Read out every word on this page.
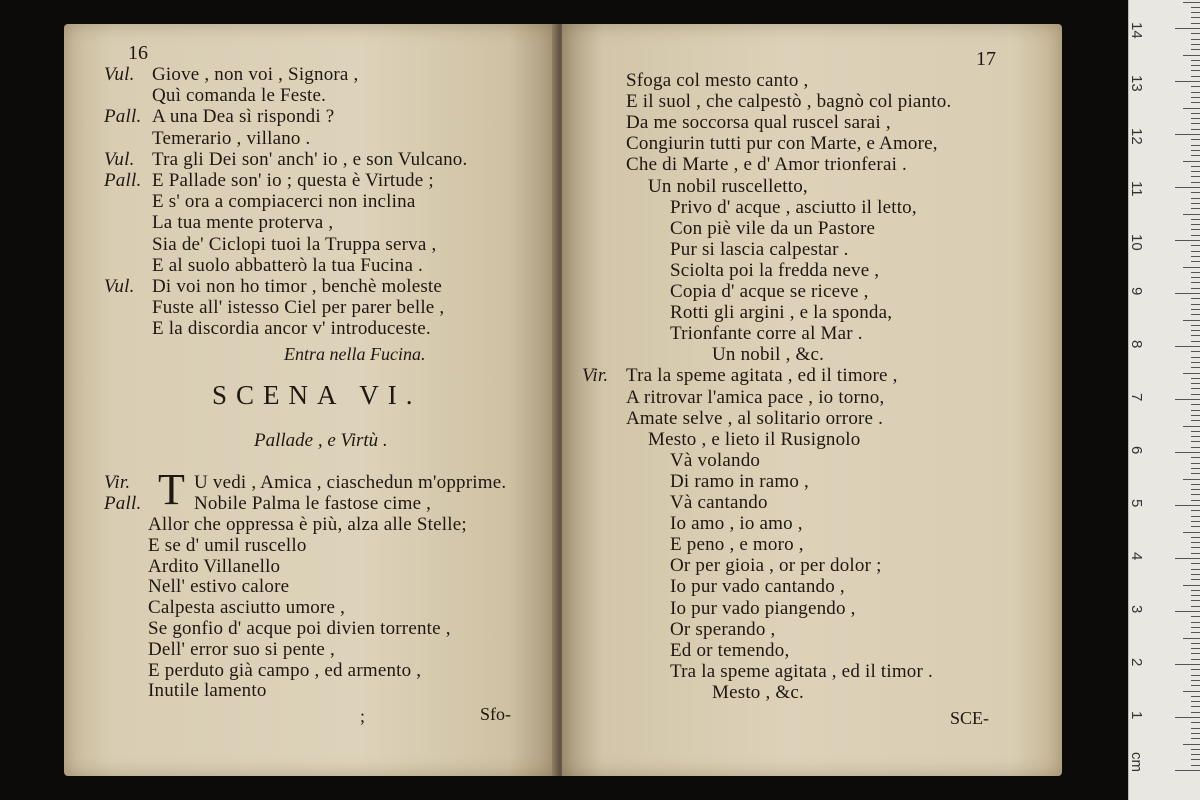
16
Vul. Giove , non voi , Signora ,
Quì comanda le Feste.
Pall. A una Dea sì rispondi ?
Temerario , villano .
Vul. Tra gli Dei son' anch' io , e son Vulcano.
Pall. E Pallade son' io ; questa è Virtude ;
E s' ora a compiacerci non inclina
La tua mente proterva ,
Sia de' Ciclopi tuoi la Truppa serva ,
E al suolo abbatterò la tua Fucina .
Vul. Di voi non ho timor , benchè moleste
Fuste all' istesso Ciel per parer belle ,
E la discordia ancor v' introduceste.
Entra nella Fucina.
SCENA VI.
Pallade , e Virtù .
Vir.
Pall. T U vedi , Amica , ciaschedun m'opprime.
Nobile Palma le fastose cime ,
Allor che oppressa è più, alza alle Stelle;
E se d' umil ruscello
Ardito Villanello
Nell' estivo calore
Calpesta asciutto umore ,
Se gonfio d' acque poi divien torrente ,
Dell' error suo si pente ,
E perduto già campo , ed armento ,
Inutile lamento
;	Sfo-
17
Sfoga col mesto canto ,
E il suol , che calpestò , bagnò col pianto.
Da me soccorsa qual ruscel sarai ,
Congiurin tutti pur con Marte, e Amore,
Che di Marte , e d' Amor trionferai .
Un nobil ruscelletto,
Privo d' acque , asciutto il letto,
Con piè vile da un Pastore
Pur si lascia calpestar .
Sciolta poi la fredda neve ,
Copia d' acque se riceve ,
Rotti gli argini , e la sponda,
Trionfante corre al Mar .
Un nobil , &c.
Vir. Tra la speme agitata , ed il timore ,
A ritrovar l'amica pace , io torno,
Amate selve , al solitario orrore .
Mesto , e lieto il Rusignolo
Và volando
Di ramo in ramo ,
Và cantando
Io amo , io amo ,
E peno , e moro ,
Or per gioia , or per dolor ;
Io pur vado cantando ,
Io pur vado piangendo ,
Or sperando ,
Ed or temendo,
Tra la speme agitata , ed il timor .
Mesto , &c.
SCE-
cm
1
2
3
4
5
6
7
8
9
10
11
12
13
14
